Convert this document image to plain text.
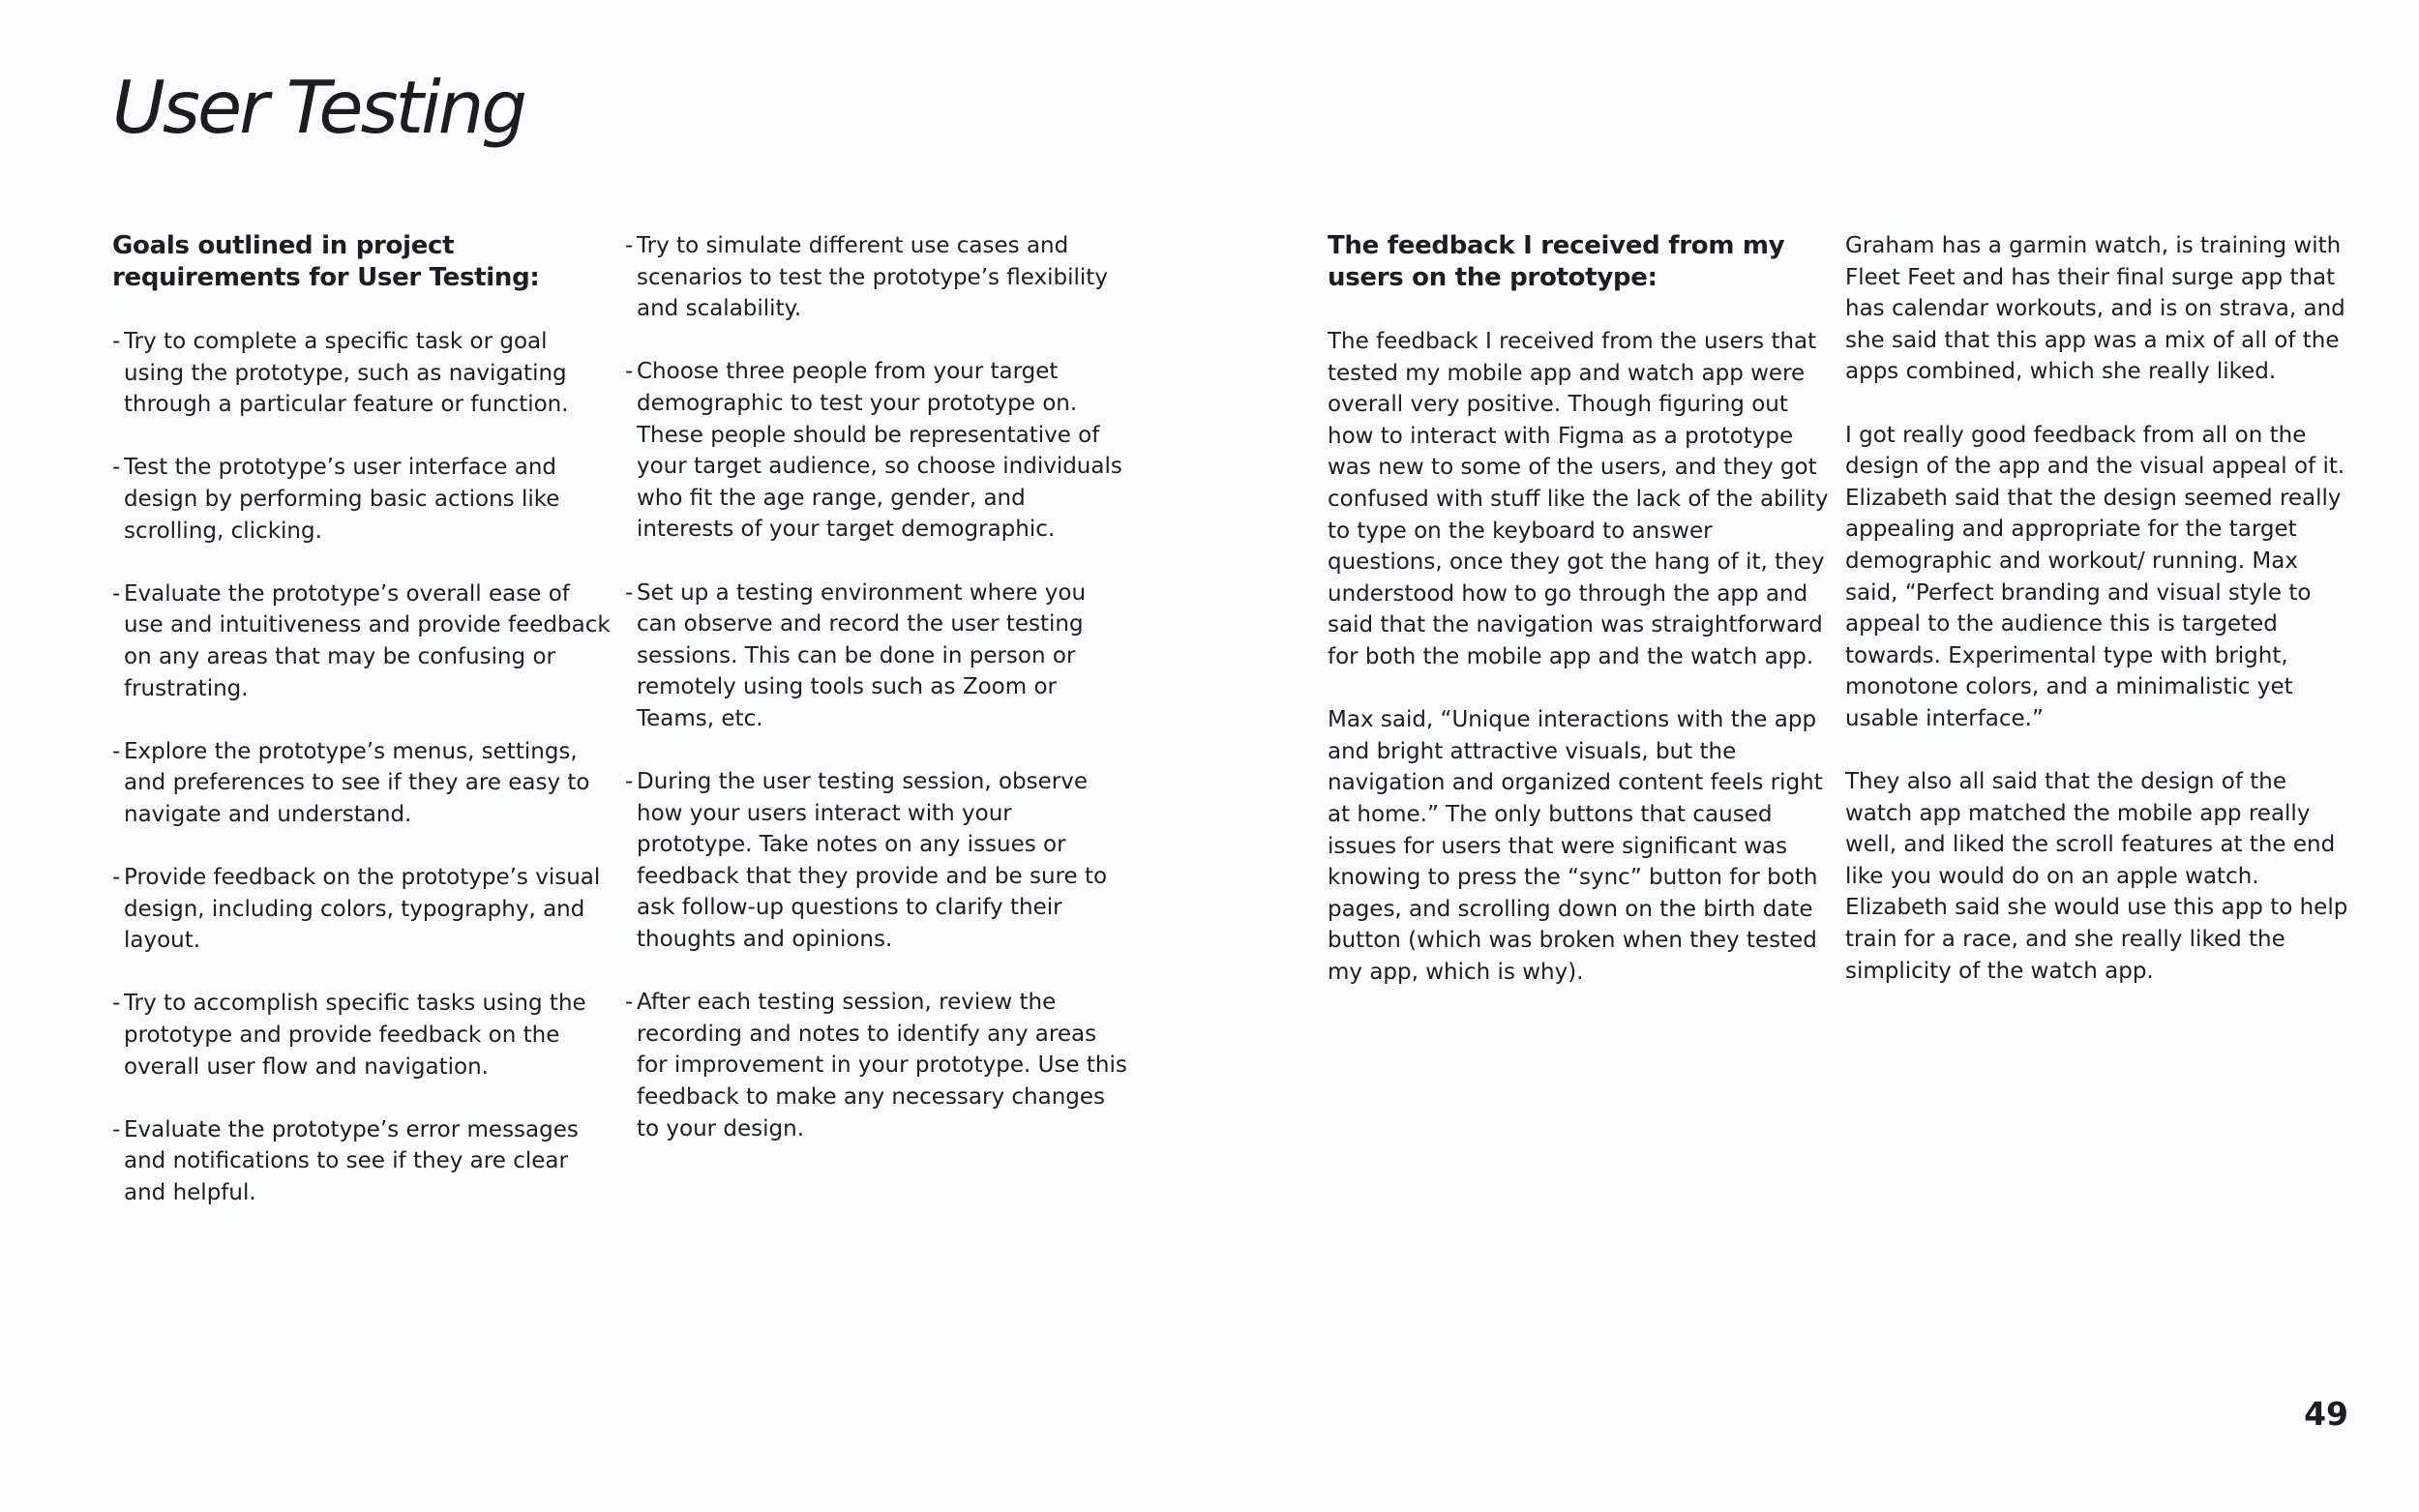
User Testing
Goals outlined in project requirements for User Testing:
- Try to complete a specific task or goal using the prototype, such as navigating through a particular feature or function.
- Test the prototype’s user interface and design by performing basic actions like scrolling, clicking.
- Evaluate the prototype’s overall ease of use and intuitiveness and provide feedback on any areas that may be confusing or frustrating.
- Explore the prototype’s menus, settings, and preferences to see if they are easy to navigate and understand.
- Provide feedback on the prototype’s visual design, including colors, typography, and layout.
- Try to accomplish specific tasks using the prototype and provide feedback on the overall user flow and navigation.
- Evaluate the prototype’s error messages and notifications to see if they are clear and helpful.
- Try to simulate different use cases and scenarios to test the prototype’s flexibility and scalability.
- Choose three people from your target demographic to test your prototype on. These people should be representative of your target audience, so choose individuals who fit the age range, gender, and interests of your target demographic.
- Set up a testing environment where you can observe and record the user testing sessions. This can be done in person or remotely using tools such as Zoom or Teams, etc.
- During the user testing session, observe how your users interact with your prototype. Take notes on any issues or feedback that they provide and be sure to ask follow-up questions to clarify their thoughts and opinions.
- After each testing session, review the recording and notes to identify any areas for improvement in your prototype. Use this feedback to make any necessary changes to your design.
The feedback I received from my users on the prototype:

The feedback I received from the users that tested my mobile app and watch app were overall very positive. Though figuring out how to interact with Figma as a prototype was new to some of the users, and they got confused with stuff like the lack of the ability to type on the keyboard to answer questions, once they got the hang of it, they understood how to go through the app and said that the navigation was straightforward for both the mobile app and the watch app.

Max said, “Unique interactions with the app and bright attractive visuals, but the navigation and organized content feels right at home.” The only buttons that caused issues for users that were significant was knowing to press the “sync” button for both pages, and scrolling down on the birth date button (which was broken when they tested my app, which is why).

Graham has a garmin watch, is training with Fleet Feet and has their final surge app that has calendar workouts, and is on strava, and she said that this app was a mix of all of the apps combined, which she really liked.

I got really good feedback from all on the design of the app and the visual appeal of it. Elizabeth said that the design seemed really appealing and appropriate for the target demographic and workout/ running. Max said, “Perfect branding and visual style to appeal to the audience this is targeted towards. Experimental type with bright, monotone colors, and a minimalistic yet usable interface.”

They also all said that the design of the watch app matched the mobile app really well, and liked the scroll features at the end like you would do on an apple watch. Elizabeth said she would use this app to help train for a race, and she really liked the simplicity of the watch app.

49
